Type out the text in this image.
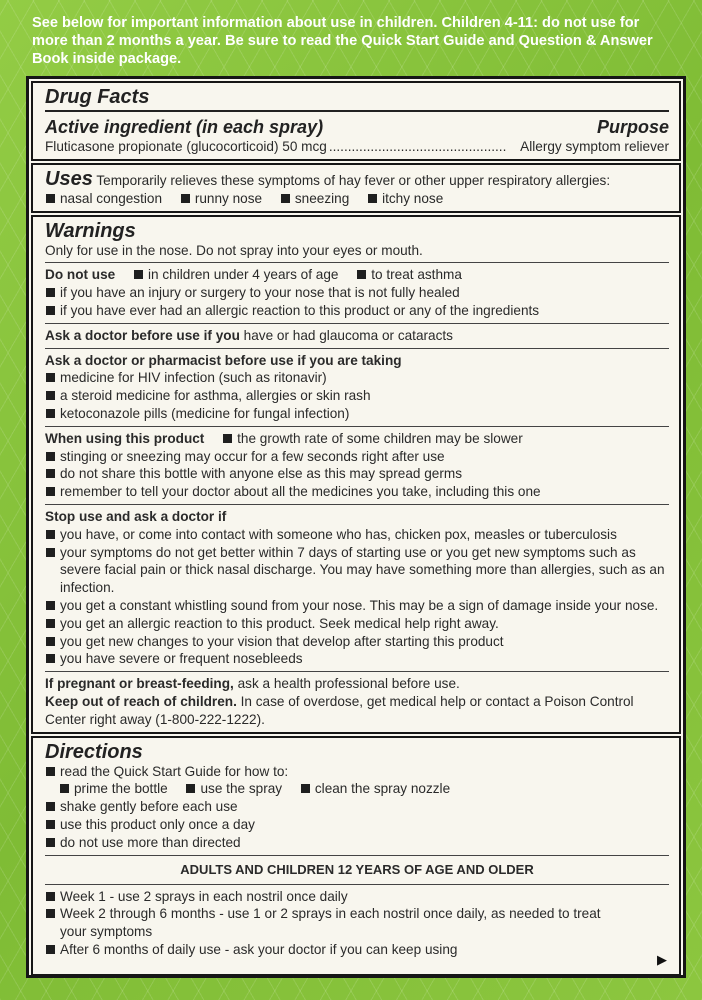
See below for important information about use in children. Children 4-11: do not use for more than 2 months a year. Be sure to read the Quick Start Guide and Question & Answer Book inside package.
Drug Facts
Active ingredient (in each spray)	Purpose
Fluticasone propionate (glucocorticoid) 50 mcg ...............................................	Allergy symptom reliever
Uses Temporarily relieves these symptoms of hay fever or other upper respiratory allergies:
nasal congestion runny nose sneezing itchy nose
Warnings
Only for use in the nose. Do not spray into your eyes or mouth.
Do not use in children under 4 years of age to treat asthma
if you have an injury or surgery to your nose that is not fully healed
if you have ever had an allergic reaction to this product or any of the ingredients
Ask a doctor before use if you have or had glaucoma or cataracts
Ask a doctor or pharmacist before use if you are taking
medicine for HIV infection (such as ritonavir)
a steroid medicine for asthma, allergies or skin rash
ketoconazole pills (medicine for fungal infection)
When using this product the growth rate of some children may be slower
stinging or sneezing may occur for a few seconds right after use
do not share this bottle with anyone else as this may spread germs
remember to tell your doctor about all the medicines you take, including this one
Stop use and ask a doctor if
you have, or come into contact with someone who has, chicken pox, measles or tuberculosis
your symptoms do not get better within 7 days of starting use or you get new symptoms such as severe facial pain or thick nasal discharge. You may have something more than allergies, such as an infection.
you get a constant whistling sound from your nose. This may be a sign of damage inside your nose.
you get an allergic reaction to this product. Seek medical help right away.
you get new changes to your vision that develop after starting this product
you have severe or frequent nosebleeds
If pregnant or breast-feeding, ask a health professional before use.
Keep out of reach of children. In case of overdose, get medical help or contact a Poison Control Center right away (1-800-222-1222).
Directions
read the Quick Start Guide for how to:
prime the bottle use the spray clean the spray nozzle
shake gently before each use
use this product only once a day
do not use more than directed
ADULTS AND CHILDREN 12 YEARS OF AGE AND OLDER
Week 1 - use 2 sprays in each nostril once daily
Week 2 through 6 months - use 1 or 2 sprays in each nostril once daily, as needed to treat your symptoms
After 6 months of daily use - ask your doctor if you can keep using
▶
